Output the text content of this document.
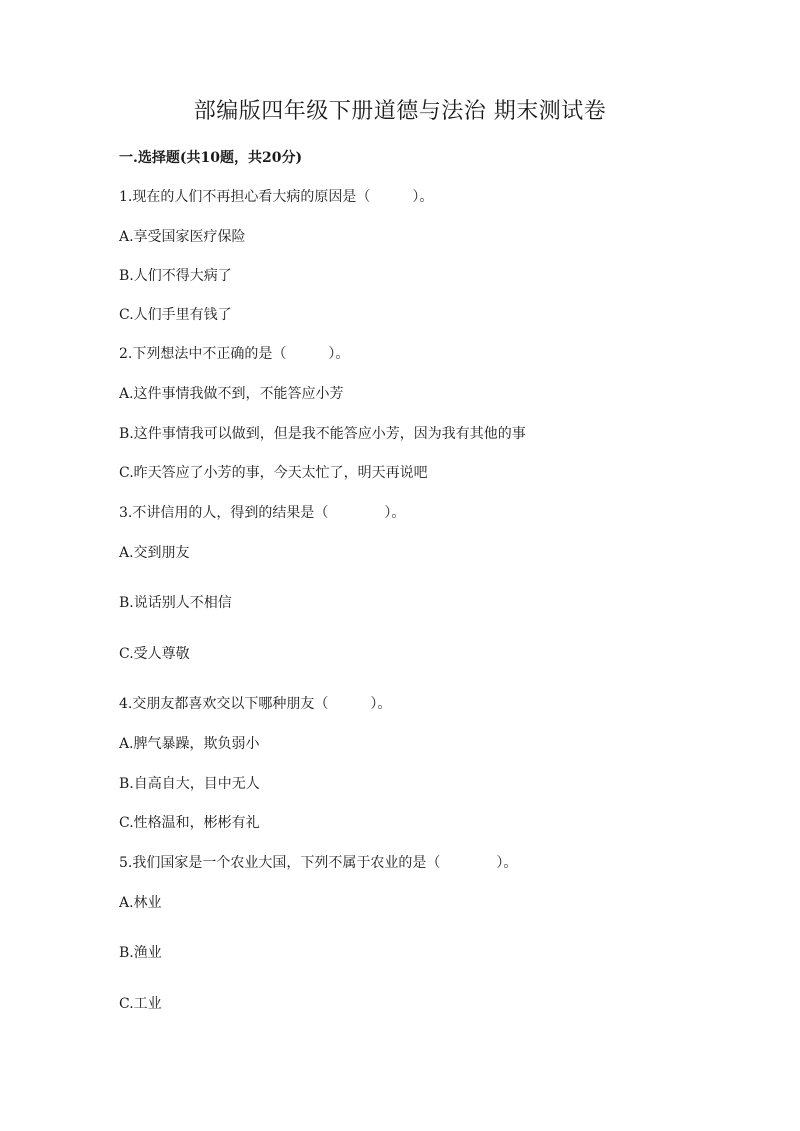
部编版四年级下册道德与法治 期末测试卷
一.选择题(共10题，共20分)
1.现在的人们不再担心看大病的原因是（　　　）。
A.享受国家医疗保险
B.人们不得大病了
C.人们手里有钱了
2.下列想法中不正确的是（　　　）。
A.这件事情我做不到，不能答应小芳
B.这件事情我可以做到，但是我不能答应小芳，因为我有其他的事
C.昨天答应了小芳的事，今天太忙了，明天再说吧
3.不讲信用的人，得到的结果是（　　　　）。
A.交到朋友
B.说话别人不相信
C.受人尊敬
4.交朋友都喜欢交以下哪种朋友（　　　）。
A.脾气暴躁，欺负弱小
B.自高自大，目中无人
C.性格温和，彬彬有礼
5.我们国家是一个农业大国，下列不属于农业的是（　　　　）。
A.林业
B.渔业
C.工业
